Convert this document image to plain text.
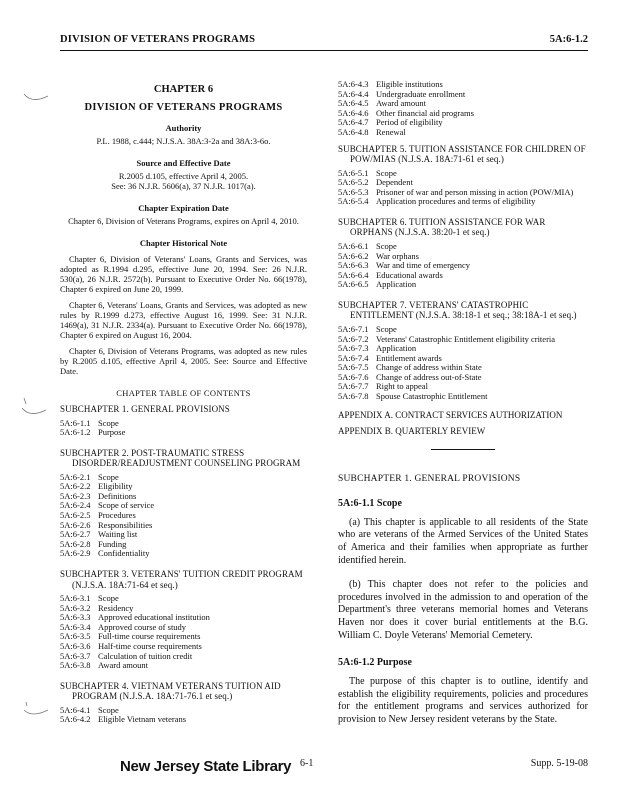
DIVISION OF VETERANS PROGRAMS	5A:6-1.2
CHAPTER 6
DIVISION OF VETERANS PROGRAMS
Authority
P.L. 1988, c.444; N.J.S.A. 38A:3-2a and 38A:3-6o.
Source and Effective Date
R.2005 d.105, effective April 4, 2005.
See: 36 N.J.R. 5606(a), 37 N.J.R. 1017(a).
Chapter Expiration Date
Chapter 6, Division of Veterans Programs, expires on April 4, 2010.
Chapter Historical Note
Chapter 6, Division of Veterans' Loans, Grants and Services, was adopted as R.1994 d.295, effective June 20, 1994. See: 26 N.J.R. 530(a), 26 N.J.R. 2572(b). Pursuant to Executive Order No. 66(1978), Chapter 6 expired on June 20, 1999.
Chapter 6, Veterans' Loans, Grants and Services, was adopted as new rules by R.1999 d.273, effective August 16, 1999. See: 31 N.J.R. 1469(a), 31 N.J.R. 2334(a). Pursuant to Executive Order No. 66(1978), Chapter 6 expired on August 16, 2004.
Chapter 6, Division of Veterans Programs, was adopted as new rules by R.2005 d.105, effective April 4, 2005. See: Source and Effective Date.
CHAPTER TABLE OF CONTENTS
SUBCHAPTER 1. GENERAL PROVISIONS
5A:6-1.1 Scope
5A:6-1.2 Purpose
SUBCHAPTER 2. POST-TRAUMATIC STRESS DISORDER/READJUSTMENT COUNSELING PROGRAM
5A:6-2.1 Scope
5A:6-2.2 Eligibility
5A:6-2.3 Definitions
5A:6-2.4 Scope of service
5A:6-2.5 Procedures
5A:6-2.6 Responsibilities
5A:6-2.7 Waiting list
5A:6-2.8 Funding
5A:6-2.9 Confidentiality
SUBCHAPTER 3. VETERANS' TUITION CREDIT PROGRAM (N.J.S.A. 18A:71-64 et seq.)
5A:6-3.1 Scope
5A:6-3.2 Residency
5A:6-3.3 Approved educational institution
5A:6-3.4 Approved course of study
5A:6-3.5 Full-time course requirements
5A:6-3.6 Half-time course requirements
5A:6-3.7 Calculation of tuition credit
5A:6-3.8 Award amount
SUBCHAPTER 4. VIETNAM VETERANS TUITION AID PROGRAM (N.J.S.A. 18A:71-76.1 et seq.)
5A:6-4.1 Scope
5A:6-4.2 Eligible Vietnam veterans
5A:6-4.3 Eligible institutions
5A:6-4.4 Undergraduate enrollment
5A:6-4.5 Award amount
5A:6-4.6 Other financial aid programs
5A:6-4.7 Period of eligibility
5A:6-4.8 Renewal
SUBCHAPTER 5. TUITION ASSISTANCE FOR CHILDREN OF POW/MIAS (N.J.S.A. 18A:71-61 et seq.)
5A:6-5.1 Scope
5A:6-5.2 Dependent
5A:6-5.3 Prisoner of war and person missing in action (POW/MIA)
5A:6-5.4 Application procedures and terms of eligibility
SUBCHAPTER 6. TUITION ASSISTANCE FOR WAR ORPHANS (N.J.S.A. 38:20-1 et seq.)
5A:6-6.1 Scope
5A:6-6.2 War orphans
5A:6-6.3 War and time of emergency
5A:6-6.4 Educational awards
5A:6-6.5 Application
SUBCHAPTER 7. VETERANS' CATASTROPHIC ENTITLEMENT (N.J.S.A. 38:18-1 et seq.; 38:18A-1 et seq.)
5A:6-7.1 Scope
5A:6-7.2 Veterans' Catastrophic Entitlement eligibility criteria
5A:6-7.3 Application
5A:6-7.4 Entitlement awards
5A:6-7.5 Change of address within State
5A:6-7.6 Change of address out-of-State
5A:6-7.7 Right to appeal
5A:6-7.8 Spouse Catastrophic Entitlement
APPENDIX A. CONTRACT SERVICES AUTHORIZATION
APPENDIX B. QUARTERLY REVIEW
SUBCHAPTER 1. GENERAL PROVISIONS
5A:6-1.1 Scope
(a) This chapter is applicable to all residents of the State who are veterans of the Armed Services of the United States of America and their families when appropriate as further identified herein.
(b) This chapter does not refer to the policies and procedures involved in the admission to and operation of the Department's three veterans memorial homes and Veterans Haven nor does it cover burial entitlements at the B.G. William C. Doyle Veterans' Memorial Cemetery.
5A:6-1.2 Purpose
The purpose of this chapter is to outline, identify and establish the eligibility requirements, policies and procedures for the entitlement programs and services authorized for provision to New Jersey resident veterans by the State.
New Jersey State Library 6-1	Supp. 5-19-08
